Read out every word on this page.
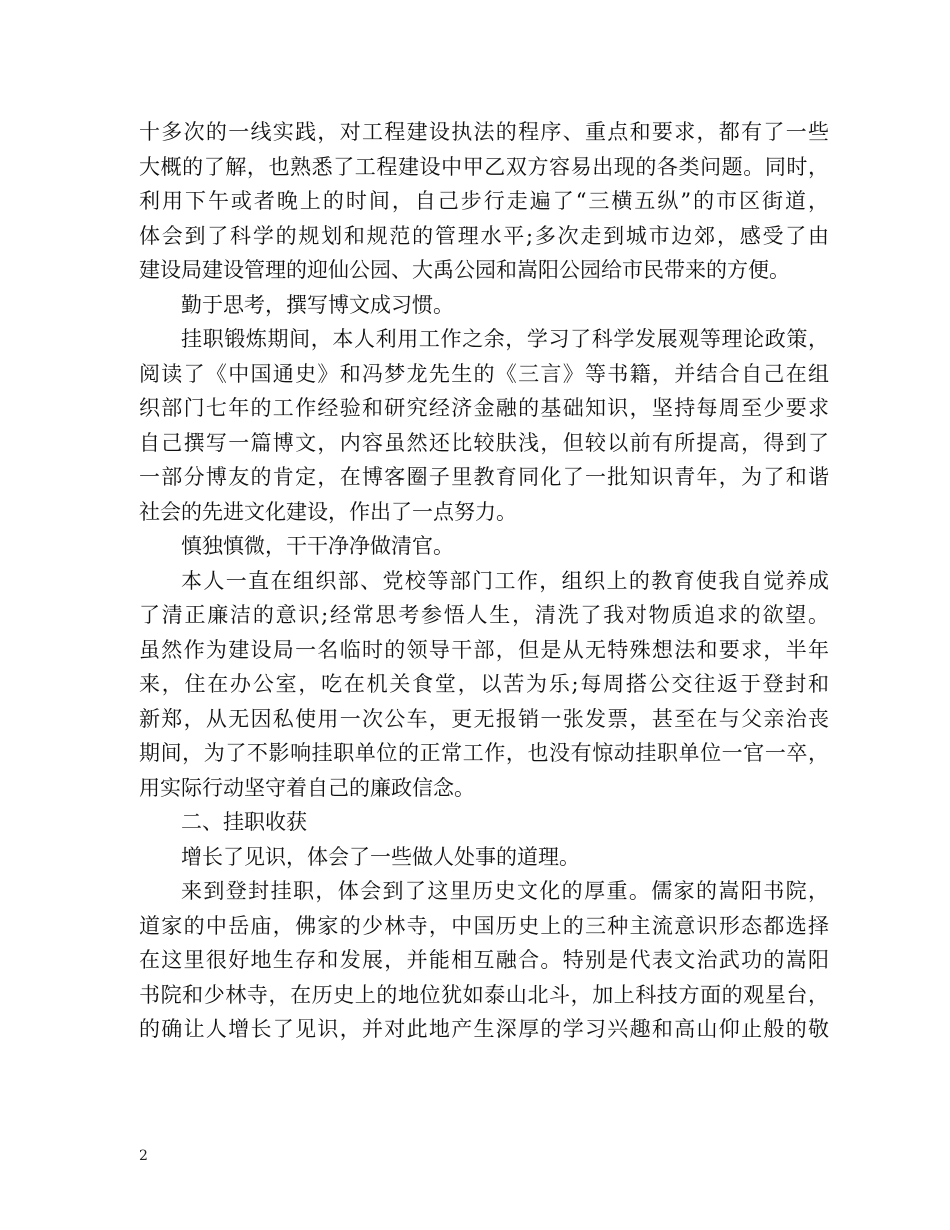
十多次的一线实践，对工程建设执法的程序、重点和要求，都有了一些
大概的了解，也熟悉了工程建设中甲乙双方容易出现的各类问题。同时，
利用下午或者晚上的时间，自己步行走遍了“三横五纵”的市区街道，
体会到了科学的规划和规范的管理水平;多次走到城市边郊，感受了由
建设局建设管理的迎仙公园、大禹公园和嵩阳公园给市民带来的方便。
勤于思考，撰写博文成习惯。
挂职锻炼期间，本人利用工作之余，学习了科学发展观等理论政策，
阅读了《中国通史》和冯梦龙先生的《三言》等书籍，并结合自己在组
织部门七年的工作经验和研究经济金融的基础知识，坚持每周至少要求
自己撰写一篇博文，内容虽然还比较肤浅，但较以前有所提高，得到了
一部分博友的肯定，在博客圈子里教育同化了一批知识青年，为了和谐
社会的先进文化建设，作出了一点努力。
慎独慎微，干干净净做清官。
本人一直在组织部、党校等部门工作，组织上的教育使我自觉养成
了清正廉洁的意识;经常思考参悟人生，清洗了我对物质追求的欲望。
虽然作为建设局一名临时的领导干部，但是从无特殊想法和要求，半年
来，住在办公室，吃在机关食堂，以苦为乐;每周搭公交往返于登封和
新郑，从无因私使用一次公车，更无报销一张发票，甚至在与父亲治丧
期间，为了不影响挂职单位的正常工作，也没有惊动挂职单位一官一卒，
用实际行动坚守着自己的廉政信念。
二、挂职收获
增长了见识，体会了一些做人处事的道理。
来到登封挂职，体会到了这里历史文化的厚重。儒家的嵩阳书院，
道家的中岳庙，佛家的少林寺，中国历史上的三种主流意识形态都选择
在这里很好地生存和发展，并能相互融合。特别是代表文治武功的嵩阳
书院和少林寺，在历史上的地位犹如泰山北斗，加上科技方面的观星台，
的确让人增长了见识，并对此地产生深厚的学习兴趣和高山仰止般的敬
2
